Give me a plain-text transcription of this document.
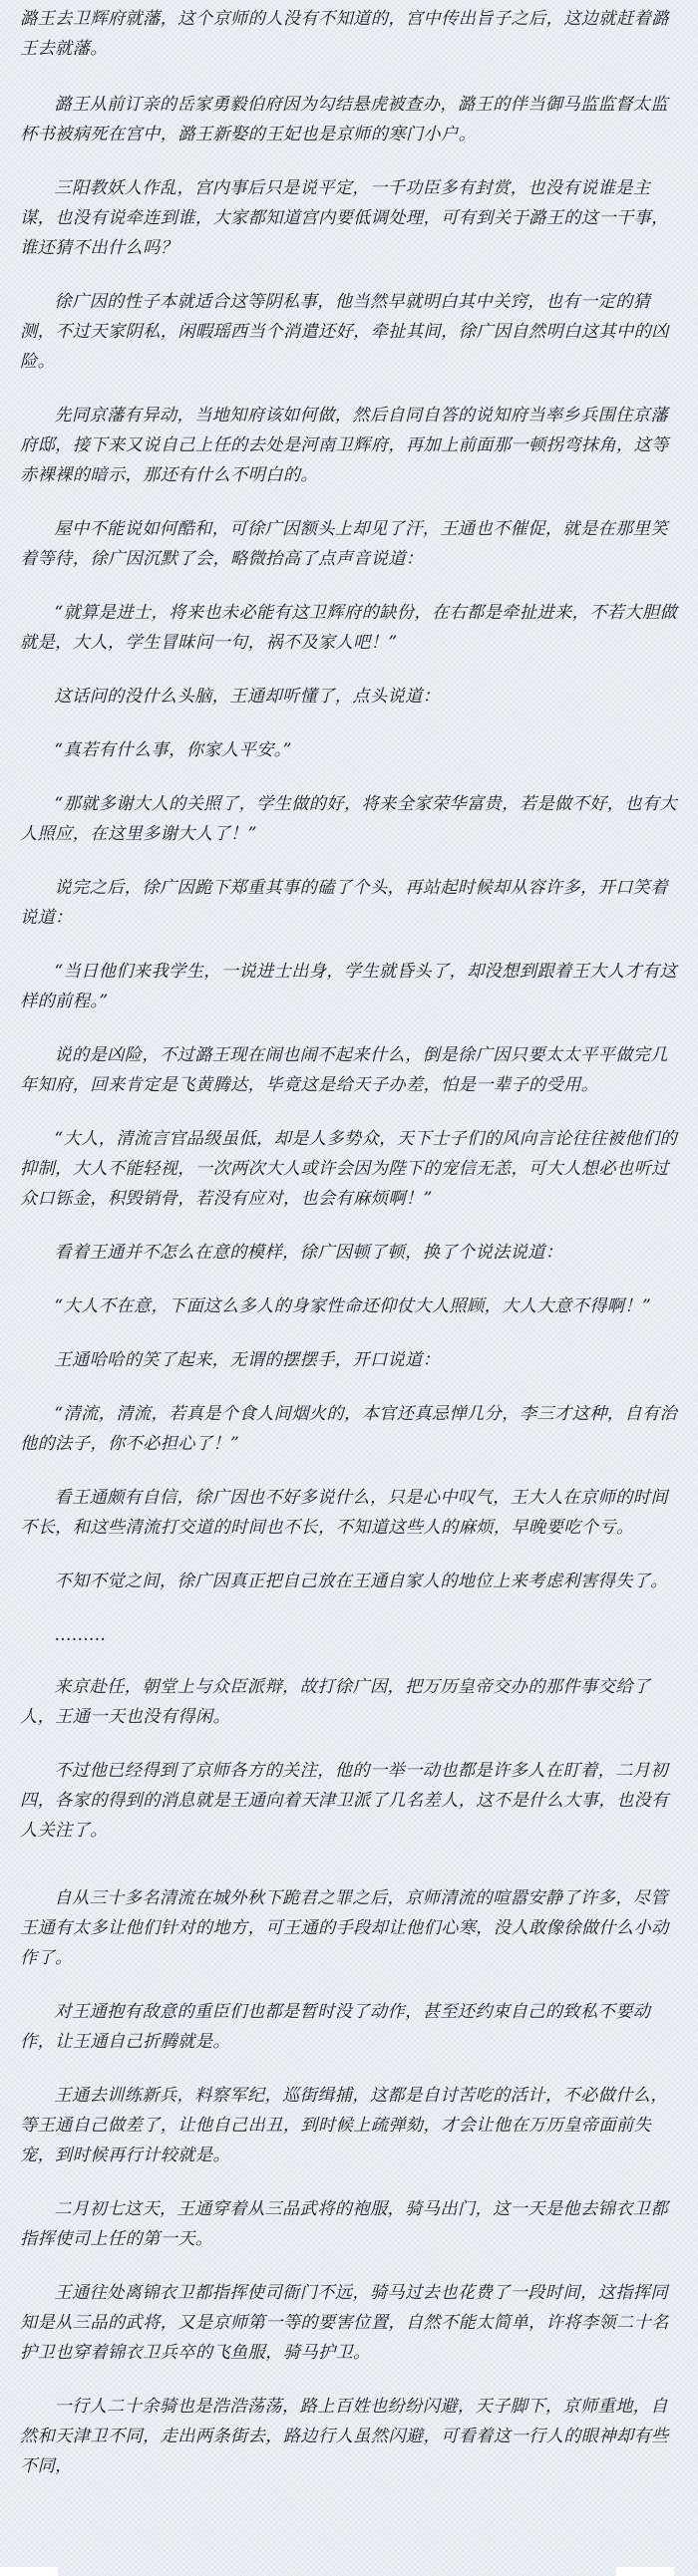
潞王去卫辉府就藩，这个京师的人没有不知道的，宫中传出旨子之后，这边就赶着潞王去就藩。

潞王从前订亲的岳家勇毅伯府因为勾结悬虎被查办，潞王的伴当御马监监督太监杯书被病死在宫中，潞王新娶的王妃也是京师的寒门小户。

三阳教妖人作乱，宫内事后只是说平定，一千功臣多有封赏，也没有说谁是主谋，也没有说牵连到谁，大家都知道宫内要低调处理，可有到关于潞王的这一干事，谁还猜不出什么吗？

徐广因的性子本就适合这等阴私事，他当然早就明白其中关窍，也有一定的猜测，不过天家阴私，闲暇瑶西当个消遣还好，牵扯其间，徐广因自然明白这其中的凶险。

先同京藩有异动，当地知府该如何做，然后自同自答的说知府当率乡兵围住京藩府邸，接下来又说自己上任的去处是河南卫辉府，再加上前面那一顿拐弯抹角，这等赤裸裸的暗示，那还有什么不明白的。

屋中不能说如何酷和，可徐广因额头上却见了汗，王通也不催促，就是在那里笑着等待，徐广因沉默了会，略微抬高了点声音说道：

“就算是进士，将来也未必能有这卫辉府的缺份，在右都是牵扯进来，不若大胆做就是，大人，学生冒昧问一句，祸不及家人吧！”

这话问的没什么头脑，王通却听懂了，点头说道：

“真若有什么事，你家人平安。”

“那就多谢大人的关照了，学生做的好，将来全家荣华富贵，若是做不好，也有大人照应，在这里多谢大人了！”

说完之后，徐广因跪下郑重其事的磕了个头，再站起时候却从容许多，开口笑着说道：

“当日他们来我学生，一说进士出身，学生就昏头了，却没想到跟着王大人才有这样的前程。”

说的是凶险，不过潞王现在闹也闹不起来什么，倒是徐广因只要太太平平做完几年知府，回来肯定是飞黄腾达，毕竟这是给天子办差，怕是一辈子的受用。

“大人，清流言官品级虽低，却是人多势众，天下士子们的风向言论往往被他们的抑制，大人不能轻视，一次两次大人或许会因为陛下的宠信无恙，可大人想必也听过众口铄金，积毁销骨，若没有应对，也会有麻烦啊！”

看着王通并不怎么在意的模样，徐广因顿了顿，换了个说法说道：

“大人不在意，下面这么多人的身家性命还仰仗大人照顾，大人大意不得啊！”

王通哈哈的笑了起来，无谓的摆摆手，开口说道：

“清流，清流，若真是个食人间烟火的，本官还真忌惮几分，李三才这种，自有治他的法子，你不必担心了！”

看王通颇有自信，徐广因也不好多说什么，只是心中叹气，王大人在京师的时间不长，和这些清流打交道的时间也不长，不知道这些人的麻烦，早晚要吃个亏。

不知不觉之间，徐广因真正把自己放在王通自家人的地位上来考虑利害得失了。

………

来京赴任，朝堂上与众臣派辩，故打徐广因，把万历皇帝交办的那件事交给了人，王通一天也没有得闲。

不过他已经得到了京师各方的关注，他的一举一动也都是许多人在盯着，二月初四，各家的得到的消息就是王通向着天津卫派了几名差人，这不是什么大事，也没有人关注了。

自从三十多名清流在城外秋下跪君之罪之后，京师清流的喧嚣安静了许多，尽管王通有太多让他们针对的地方，可王通的手段却让他们心寒，没人敢像徐做什么小动作了。

对王通抱有敌意的重臣们也都是暂时没了动作，甚至还约束自己的致私不要动作，让王通自己折腾就是。

王通去训练新兵，料察军纪，巡街缉捕，这都是自讨苦吃的活计，不必做什么，等王通自己做差了，让他自己出丑，到时候上疏弹劾，才会让他在万历皇帝面前失宠，到时候再行计较就是。

二月初七这天，王通穿着从三品武将的袍服，骑马出门，这一天是他去锦衣卫都指挥使司上任的第一天。

王通往处离锦衣卫都指挥使司衙门不远，骑马过去也花费了一段时间，这指挥同知是从三品的武将，又是京师第一等的要害位置，自然不能太简单，许将李领二十名护卫也穿着锦衣卫兵卒的飞鱼服，骑马护卫。

一行人二十余骑也是浩浩荡荡，路上百姓也纷纷闪避，天子脚下，京师重地，自然和天津卫不同，走出两条街去，路边行人虽然闪避，可看着这一行人的眼神却有些不同，
